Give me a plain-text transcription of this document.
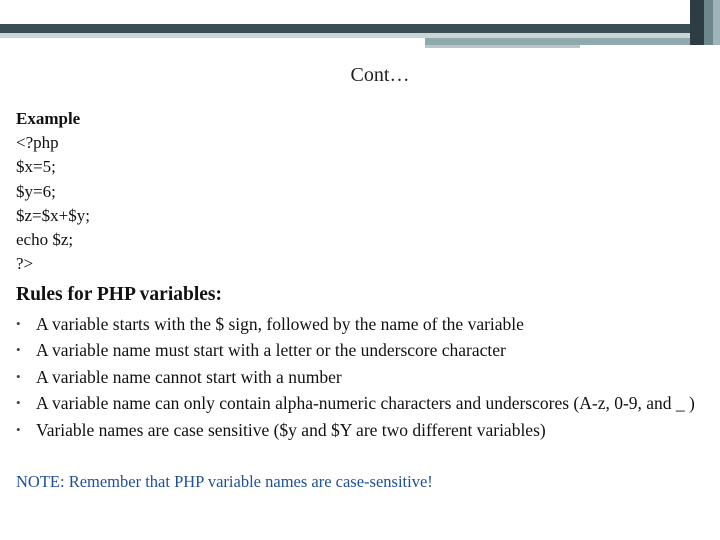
Cont…
Example
<?php
$x=5;
$y=6;
$z=$x+$y;
echo $z;
?>
Rules for PHP variables:
• A variable starts with the $ sign, followed by the name of the variable
• A variable name must start with a letter or the underscore character
• A variable name cannot start with a number
• A variable name can only contain alpha-numeric characters and underscores (A-z, 0-9, and _ )
• Variable names are case sensitive ($y and $Y are two different variables)
NOTE: Remember that PHP variable names are case-sensitive!
